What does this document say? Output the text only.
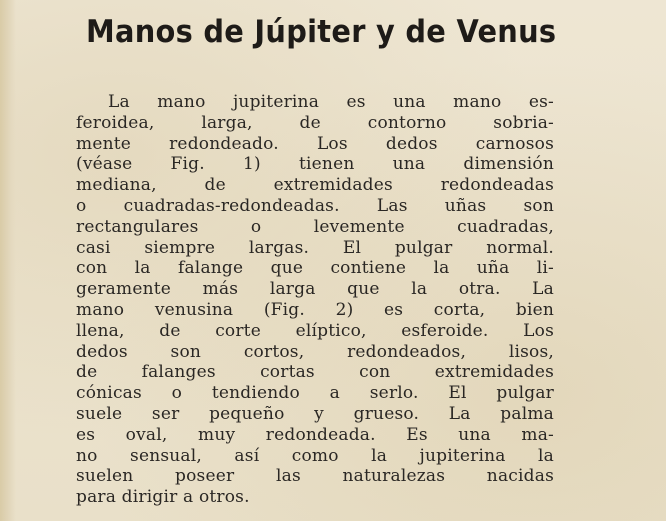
Manos de Júpiter y de Venus
La mano jupiterina es una mano es-
feroidea, larga, de contorno sobria-
mente redondeado. Los dedos carnosos
(véase Fig. 1) tienen una dimensión
mediana, de extremidades redondeadas
o cuadradas-redondeadas. Las uñas son
rectangulares o levemente cuadradas,
casi siempre largas. El pulgar normal.
con la falange que contiene la uña li-
geramente más larga que la otra. La
mano venusina (Fig. 2) es corta, bien
llena, de corte elíptico, esferoide. Los
dedos son cortos, redondeados, lisos,
de falanges cortas con extremidades
cónicas o tendiendo a serlo. El pulgar
suele ser pequeño y grueso. La palma
es oval, muy redondeada. Es una ma-
no sensual, así como la jupiterina la
suelen poseer las naturalezas nacidas
para dirigir a otros.
